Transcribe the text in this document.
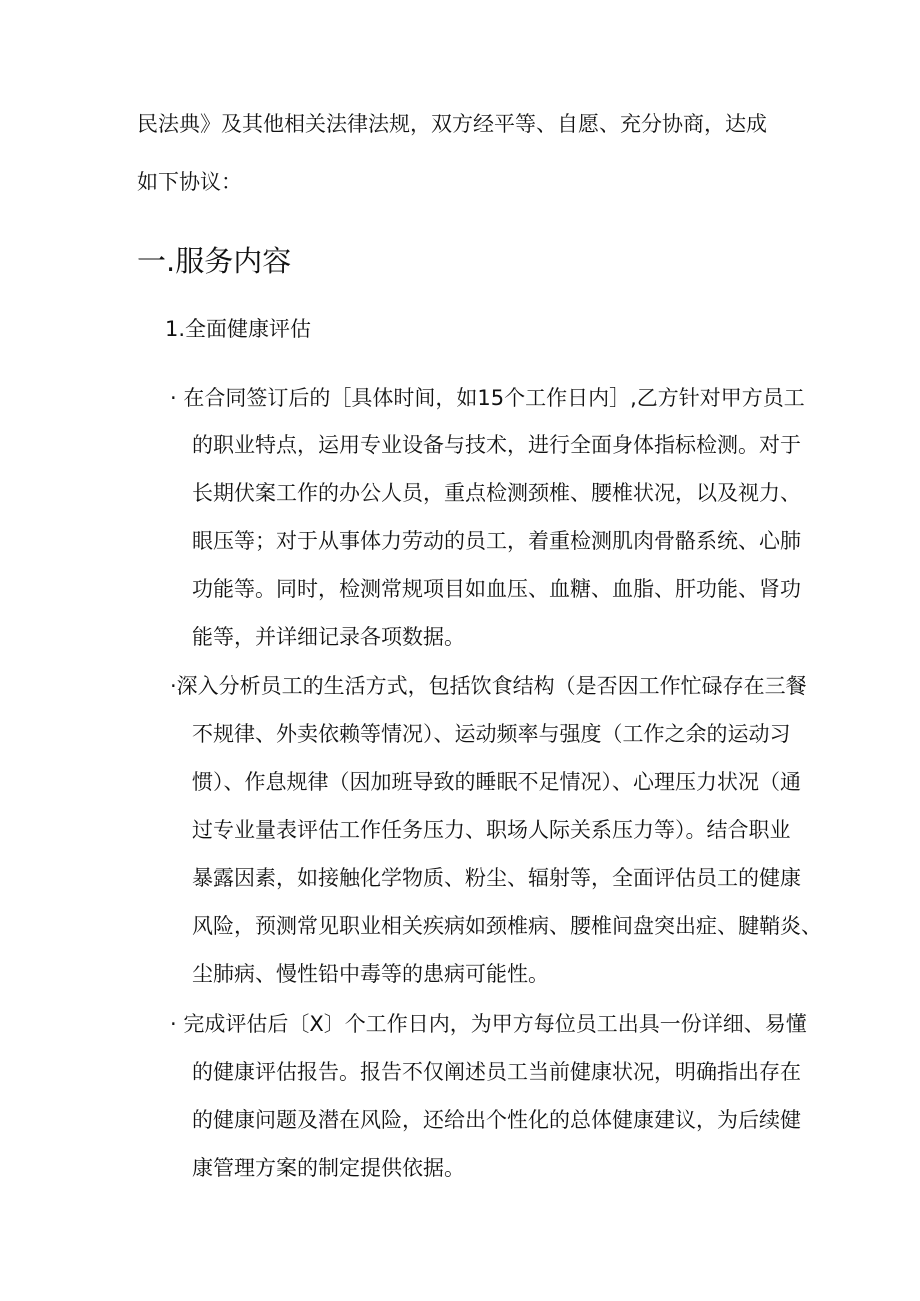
民法典》及其他相关法律法规，双方经平等、自愿、充分协商，达成
如下协议：
一.服务内容
1.全面健康评估
· 在合同签订后的［具体时间，如15个工作日内］,乙方针对甲方员工
的职业特点，运用专业设备与技术，进行全面身体指标检测。对于
长期伏案工作的办公人员，重点检测颈椎、腰椎状况，以及视力、
眼压等；对于从事体力劳动的员工，着重检测肌肉骨骼系统、心肺
功能等。同时，检测常规项目如血压、血糖、血脂、肝功能、肾功
能等，并详细记录各项数据。
·深入分析员工的生活方式，包括饮食结构（是否因工作忙碌存在三餐
不规律、外卖依赖等情况）、运动频率与强度（工作之余的运动习
惯）、作息规律（因加班导致的睡眠不足情况）、心理压力状况（通
过专业量表评估工作任务压力、职场人际关系压力等）。结合职业
暴露因素，如接触化学物质、粉尘、辐射等，全面评估员工的健康
风险，预测常见职业相关疾病如颈椎病、腰椎间盘突出症、腱鞘炎、
尘肺病、慢性铅中毒等的患病可能性。
· 完成评估后〔X〕个工作日内，为甲方每位员工出具一份详细、易懂
的健康评估报告。报告不仅阐述员工当前健康状况，明确指出存在
的健康问题及潜在风险，还给出个性化的总体健康建议，为后续健
康管理方案的制定提供依据。
